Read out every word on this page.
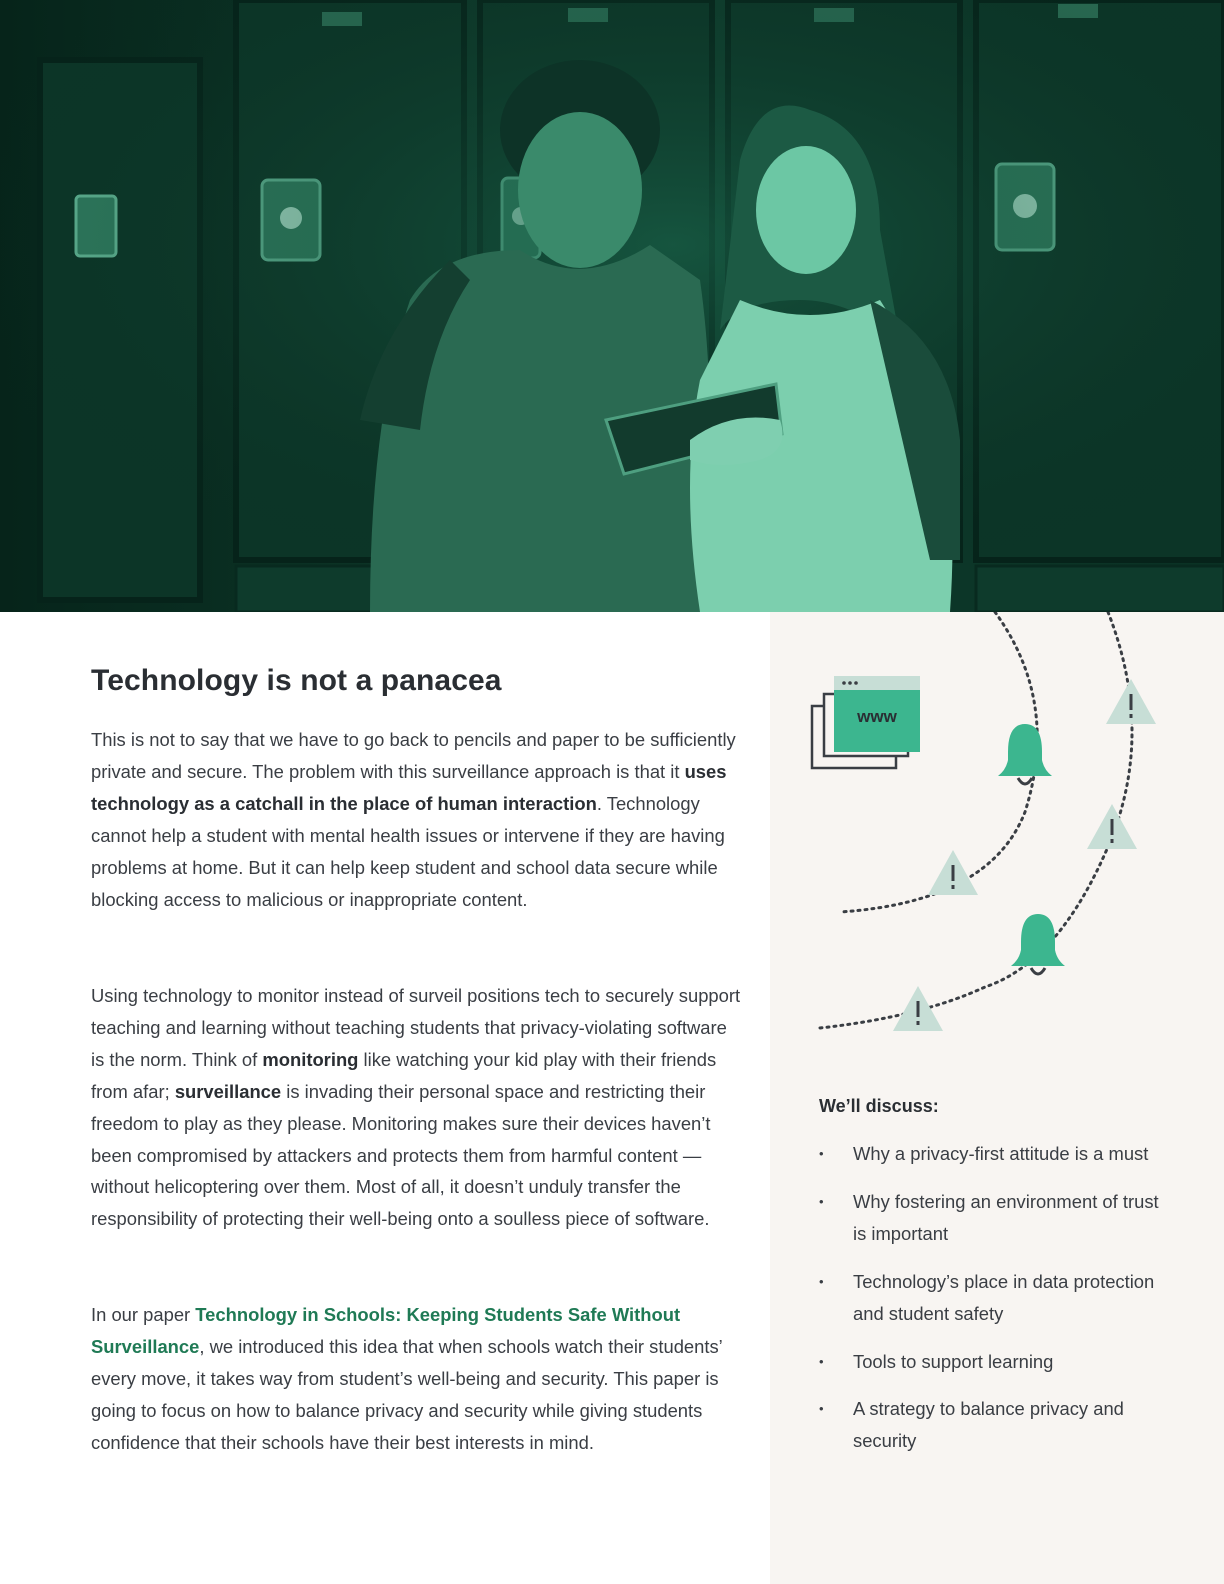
www
Technology is not a panacea

This is not to say that we have to go back to pencils and paper to be sufficiently private and secure. The problem with this surveillance approach is that it uses technology as a catchall in the place of human interaction. Technology cannot help a student with mental health issues or intervene if they are having problems at home. But it can help keep student and school data secure while blocking access to malicious or inappropriate content.

Using technology to monitor instead of surveil positions tech to securely support teaching and learning without teaching students that privacy-violating software is the norm. Think of monitoring like watching your kid play with their friends from afar; surveillance is invading their personal space and restricting their freedom to play as they please. Monitoring makes sure their devices haven’t been compromised by attackers and protects them from harmful content — without helicoptering over them. Most of all, it doesn’t unduly transfer the responsibility of protecting their well-being onto a soulless piece of software.

In our paper Technology in Schools: Keeping Students Safe Without Surveillance, we introduced this idea that when schools watch their students’ every move, it takes way from student’s well-being and security. This paper is going to focus on how to balance privacy and security while giving students confidence that their schools have their best interests in mind.

We’ll discuss:

• Why a privacy-first attitude is a must
• Why fostering an environment of trust is important
• Technology’s place in data protection and student safety
• Tools to support learning
• A strategy to balance privacy and security
